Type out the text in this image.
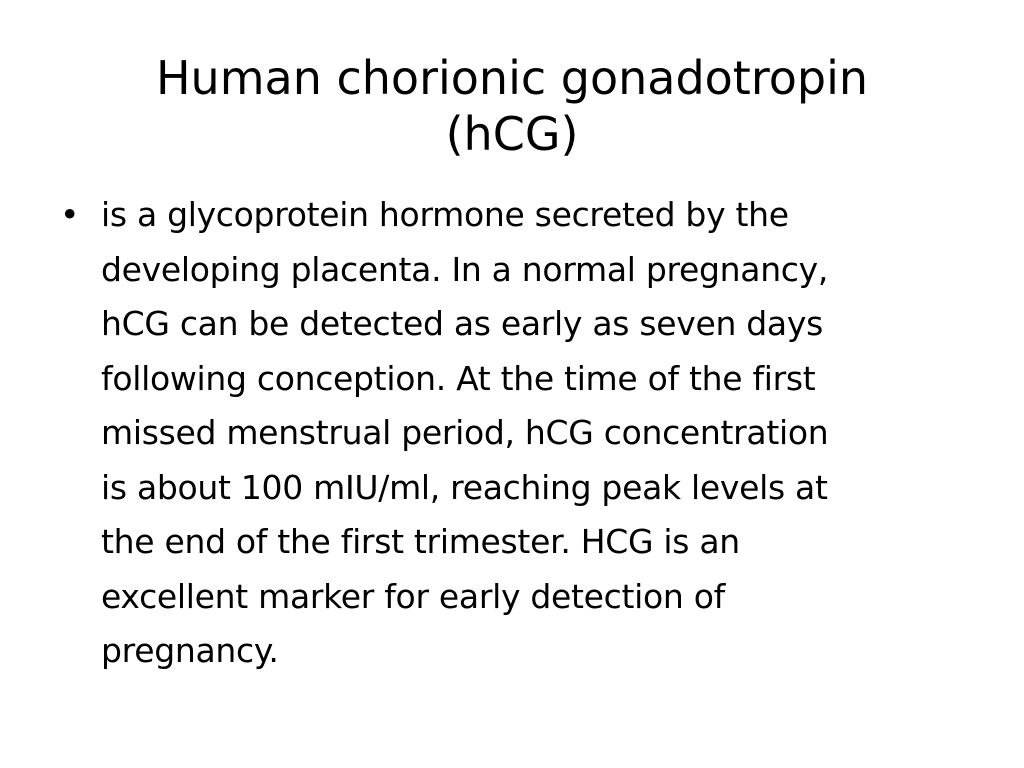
Human chorionic gonadotropin
(hCG)
• is a glycoprotein hormone secreted by the
developing placenta. In a normal pregnancy,
hCG can be detected as early as seven days
following conception. At the time of the first
missed menstrual period, hCG concentration
is about 100 mIU/ml, reaching peak levels at
the end of the first trimester. HCG is an
excellent marker for early detection of
pregnancy.
